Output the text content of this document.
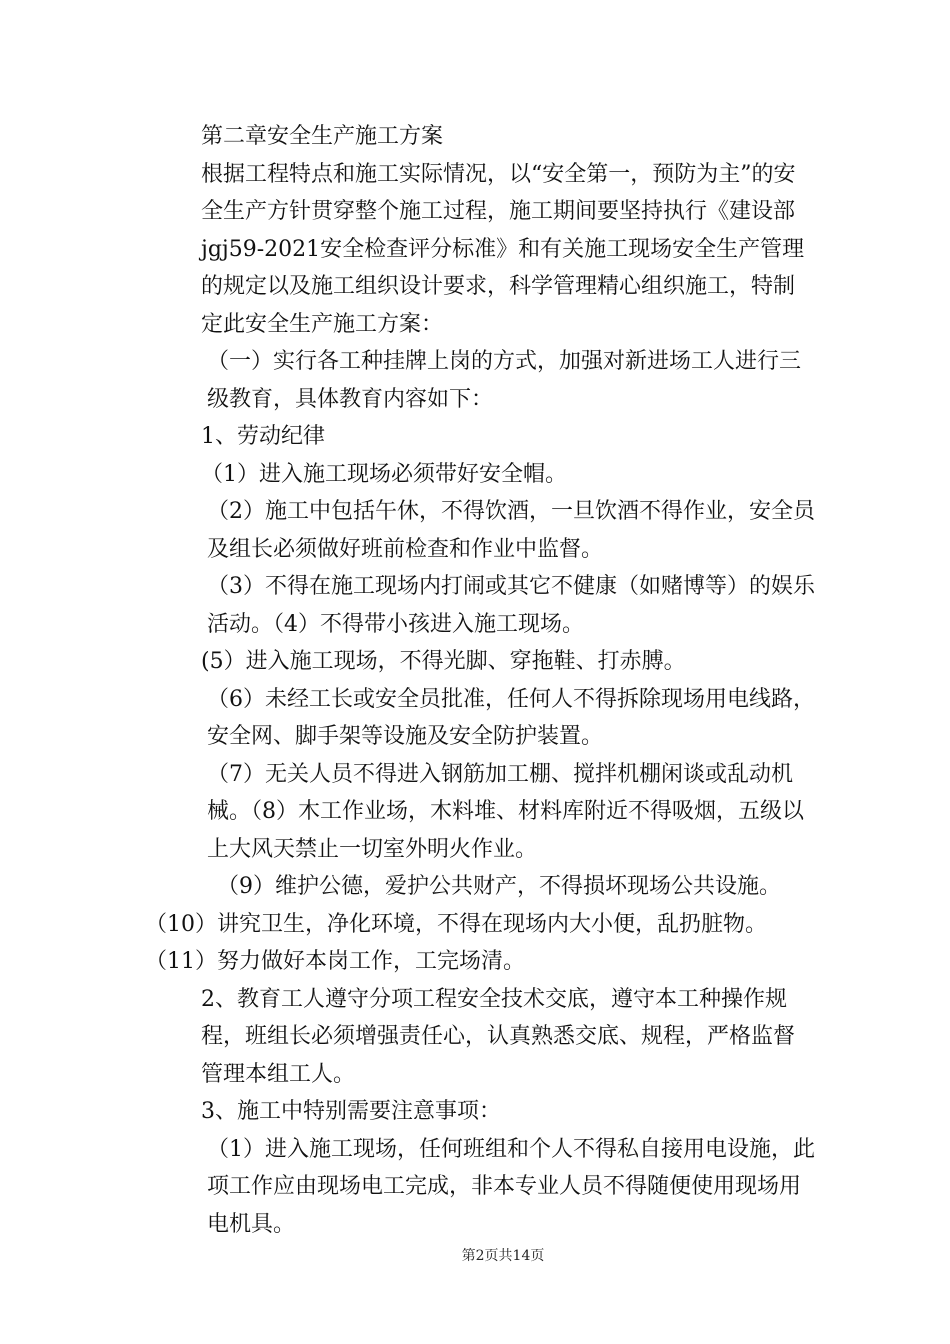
第二章安全生产施工方案

根据工程特点和施工实际情况，以“安全第一，预防为主”的安全生产方针贯穿整个施工过程，施工期间要坚持执行《建设部jgj59-2021安全检查评分标准》和有关施工现场安全生产管理的规定以及施工组织设计要求，科学管理精心组织施工，特制定此安全生产施工方案：

（一）实行各工种挂牌上岗的方式，加强对新进场工人进行三级教育，具体教育内容如下：

1、劳动纪律

（1）进入施工现场必须带好安全帽。

（2）施工中包括午休，不得饮酒，一旦饮酒不得作业，安全员及组长必须做好班前检查和作业中监督。

（3）不得在施工现场内打闹或其它不健康（如赌博等）的娱乐活动。（4）不得带小孩进入施工现场。

(5）进入施工现场，不得光脚、穿拖鞋、打赤膊。

（6）未经工长或安全员批准，任何人不得拆除现场用电线路，安全网、脚手架等设施及安全防护装置。

（7）无关人员不得进入钢筋加工棚、搅拌机棚闲谈或乱动机械。（8）木工作业场，木料堆、材料库附近不得吸烟，五级以上大风天禁止一切室外明火作业。

（9）维护公德，爱护公共财产，不得损坏现场公共设施。

（10）讲究卫生，净化环境，不得在现场内大小便，乱扔脏物。

（11）努力做好本岗工作，工完场清。

2、教育工人遵守分项工程安全技术交底，遵守本工种操作规程，班组长必须增强责任心，认真熟悉交底、规程，严格监督管理本组工人。

3、施工中特别需要注意事项：

（1）进入施工现场，任何班组和个人不得私自接用电设施，此项工作应由现场电工完成，非本专业人员不得随便使用现场用电机具。

第2页共14页
